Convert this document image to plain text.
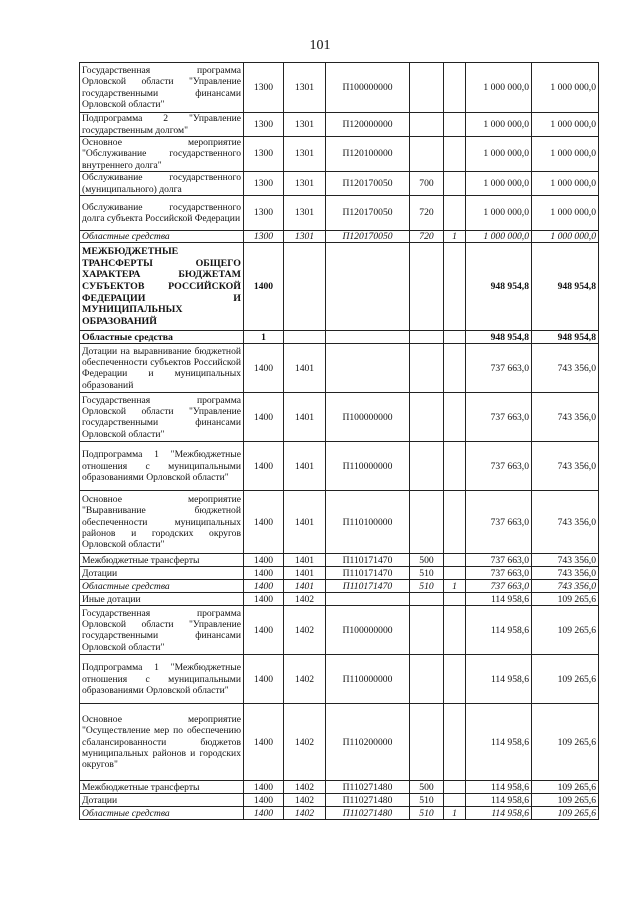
101
Государственная программа Орловской области "Управление государственными финансами Орловской области"	1300	1301	П100000000			1 000 000,0	1 000 000,0
Подпрограмма 2 "Управление государственным долгом"	1300	1301	П120000000			1 000 000,0	1 000 000,0
Основное мероприятие "Обслуживание государственного внутреннего долга"	1300	1301	П120100000			1 000 000,0	1 000 000,0
Обслуживание государственного (муниципального) долга	1300	1301	П120170050	700		1 000 000,0	1 000 000,0
Обслуживание государственного долга субъекта Российской Федерации	1300	1301	П120170050	720		1 000 000,0	1 000 000,0
Областные средства	1300	1301	П120170050	720	1	1 000 000,0	1 000 000,0
МЕЖБЮДЖЕТНЫЕ ТРАНСФЕРТЫ ОБЩЕГО ХАРАКТЕРА БЮДЖЕТАМ СУБЪЕКТОВ РОССИЙСКОЙ ФЕДЕРАЦИИ И МУНИЦИПАЛЬНЫХ ОБРАЗОВАНИЙ	1400					948 954,8	948 954,8
Областные средства	1					948 954,8	948 954,8
Дотации на выравнивание бюджетной обеспеченности субъектов Российской Федерации и муниципальных образований	1400	1401				737 663,0	743 356,0
Государственная программа Орловской области "Управление государственными финансами Орловской области"	1400	1401	П100000000			737 663,0	743 356,0
Подпрограмма 1 "Межбюджетные отношения с муниципальными образованиями Орловской области"	1400	1401	П110000000			737 663,0	743 356,0
Основное мероприятие "Выравнивание бюджетной обеспеченности муниципальных районов и городских округов Орловской области"	1400	1401	П110100000			737 663,0	743 356,0
Межбюджетные трансферты	1400	1401	П110171470	500		737 663,0	743 356,0
Дотации	1400	1401	П110171470	510		737 663,0	743 356,0
Областные средства	1400	1401	П110171470	510	1	737 663,0	743 356,0
Иные дотации	1400	1402				114 958,6	109 265,6
Государственная программа Орловской области "Управление государственными финансами Орловской области"	1400	1402	П100000000			114 958,6	109 265,6
Подпрограмма 1 "Межбюджетные отношения с муниципальными образованиями Орловской области"	1400	1402	П110000000			114 958,6	109 265,6
Основное мероприятие "Осуществление мер по обеспечению сбалансированности бюджетов муниципальных районов и городских округов"	1400	1402	П110200000			114 958,6	109 265,6
Межбюджетные трансферты	1400	1402	П110271480	500		114 958,6	109 265,6
Дотации	1400	1402	П110271480	510		114 958,6	109 265,6
Областные средства	1400	1402	П110271480	510	1	114 958,6	109 265,6
